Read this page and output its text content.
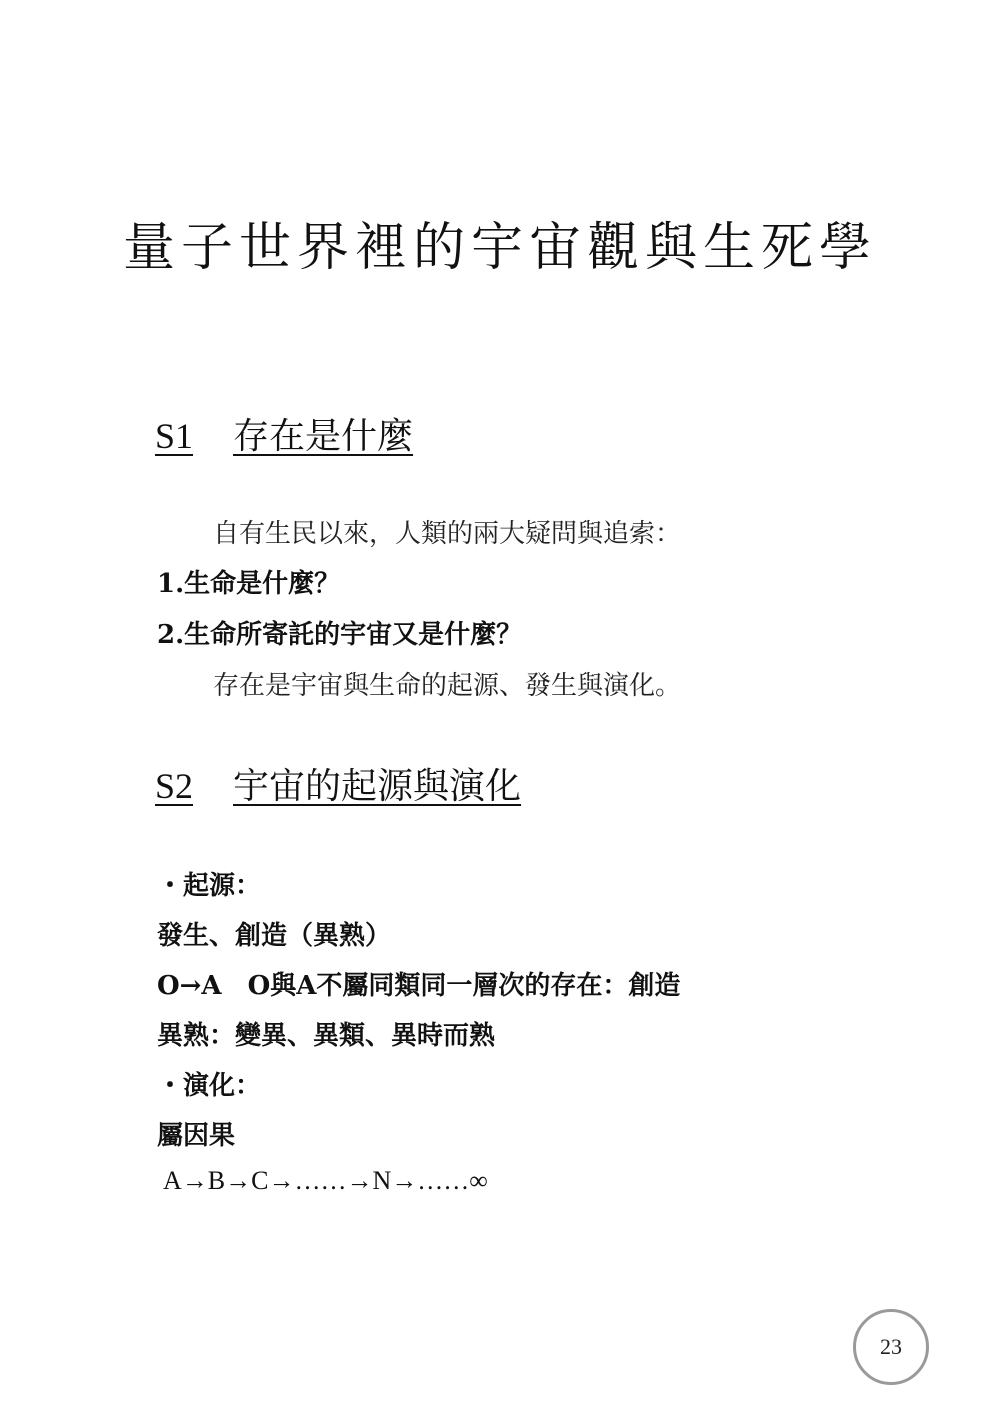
量子世界裡的宇宙觀與生死學
S1 存在是什麼

自有生民以來，人類的兩大疑問與追索：

1.生命是什麼？

2.生命所寄託的宇宙又是什麼？

存在是宇宙與生命的起源、發生與演化。

S2 宇宙的起源與演化

・起源：

發生、創造（異熟）

O→A　O與A不屬同類同一層次的存在：創造

異熟：變異、異類、異時而熟

・演化：

屬因果

A→B→C→……→N→……∞
23
